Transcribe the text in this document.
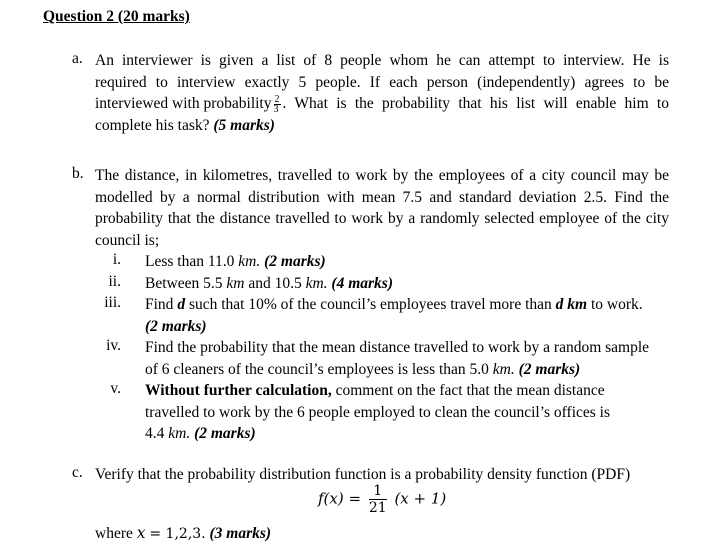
Question 2 (20 marks)
a. An interviewer is given a list of 8 people whom he can attempt to interview. He is
required to interview exactly 5 people. If each person (independently) agrees to be
interviewed with probability $\frac{2}{3}$ . What is the probability that his list will enable him to
complete his task? (5 marks)
b. The distance, in kilometres, travelled to work by the employees of a city council may be
modelled by a normal distribution with mean 7.5 and standard deviation 2.5. Find the
probability that the distance travelled to work by a randomly selected employee of the city
council is;
i. Less than 11.0 km. (2 marks)
ii. Between 5.5 km and 10.5 km. (4 marks)
iii. Find d such that 10% of the council’s employees travel more than d km to work.
(2 marks)
iv. Find the probability that the mean distance travelled to work by a random sample
of 6 cleaners of the council’s employees is less than 5.0 km. (2 marks)
v. Without further calculation, comment on the fact that the mean distance
travelled to work by the 6 people employed to clean the council’s offices is
4.4 km. (2 marks)
c. Verify that the probability distribution function is a probability density function (PDF)
$f(x) = \frac{1}{21} (x + 1)$
where x = 1,2,3. (3 marks)
